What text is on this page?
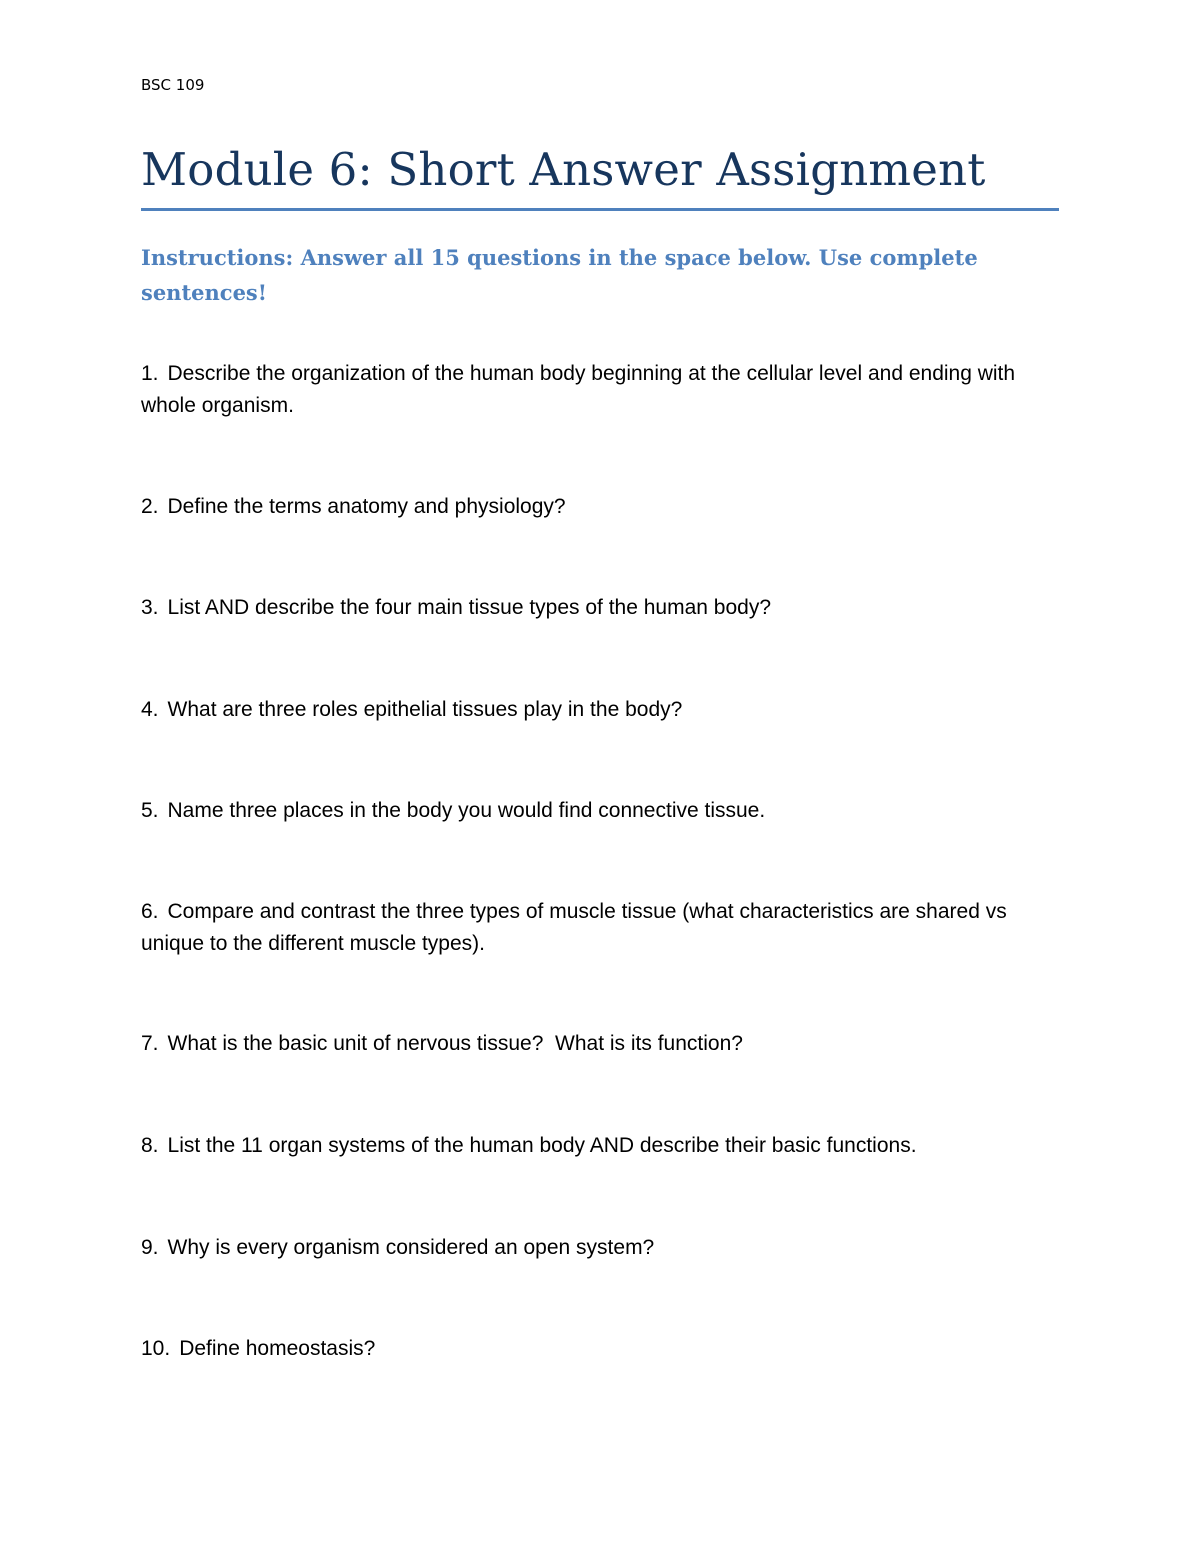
BSC 109
Module 6: Short Answer Assignment
Instructions: Answer all 15 questions in the space below. Use complete sentences!
1. Describe the organization of the human body beginning at the cellular level and ending with whole organism.
2. Define the terms anatomy and physiology?
3. List AND describe the four main tissue types of the human body?
4. What are three roles epithelial tissues play in the body?
5. Name three places in the body you would find connective tissue.
6. Compare and contrast the three types of muscle tissue (what characteristics are shared vs unique to the different muscle types).
7. What is the basic unit of nervous tissue?  What is its function?
8. List the 11 organ systems of the human body AND describe their basic functions.
9. Why is every organism considered an open system?
10. Define homeostasis?
